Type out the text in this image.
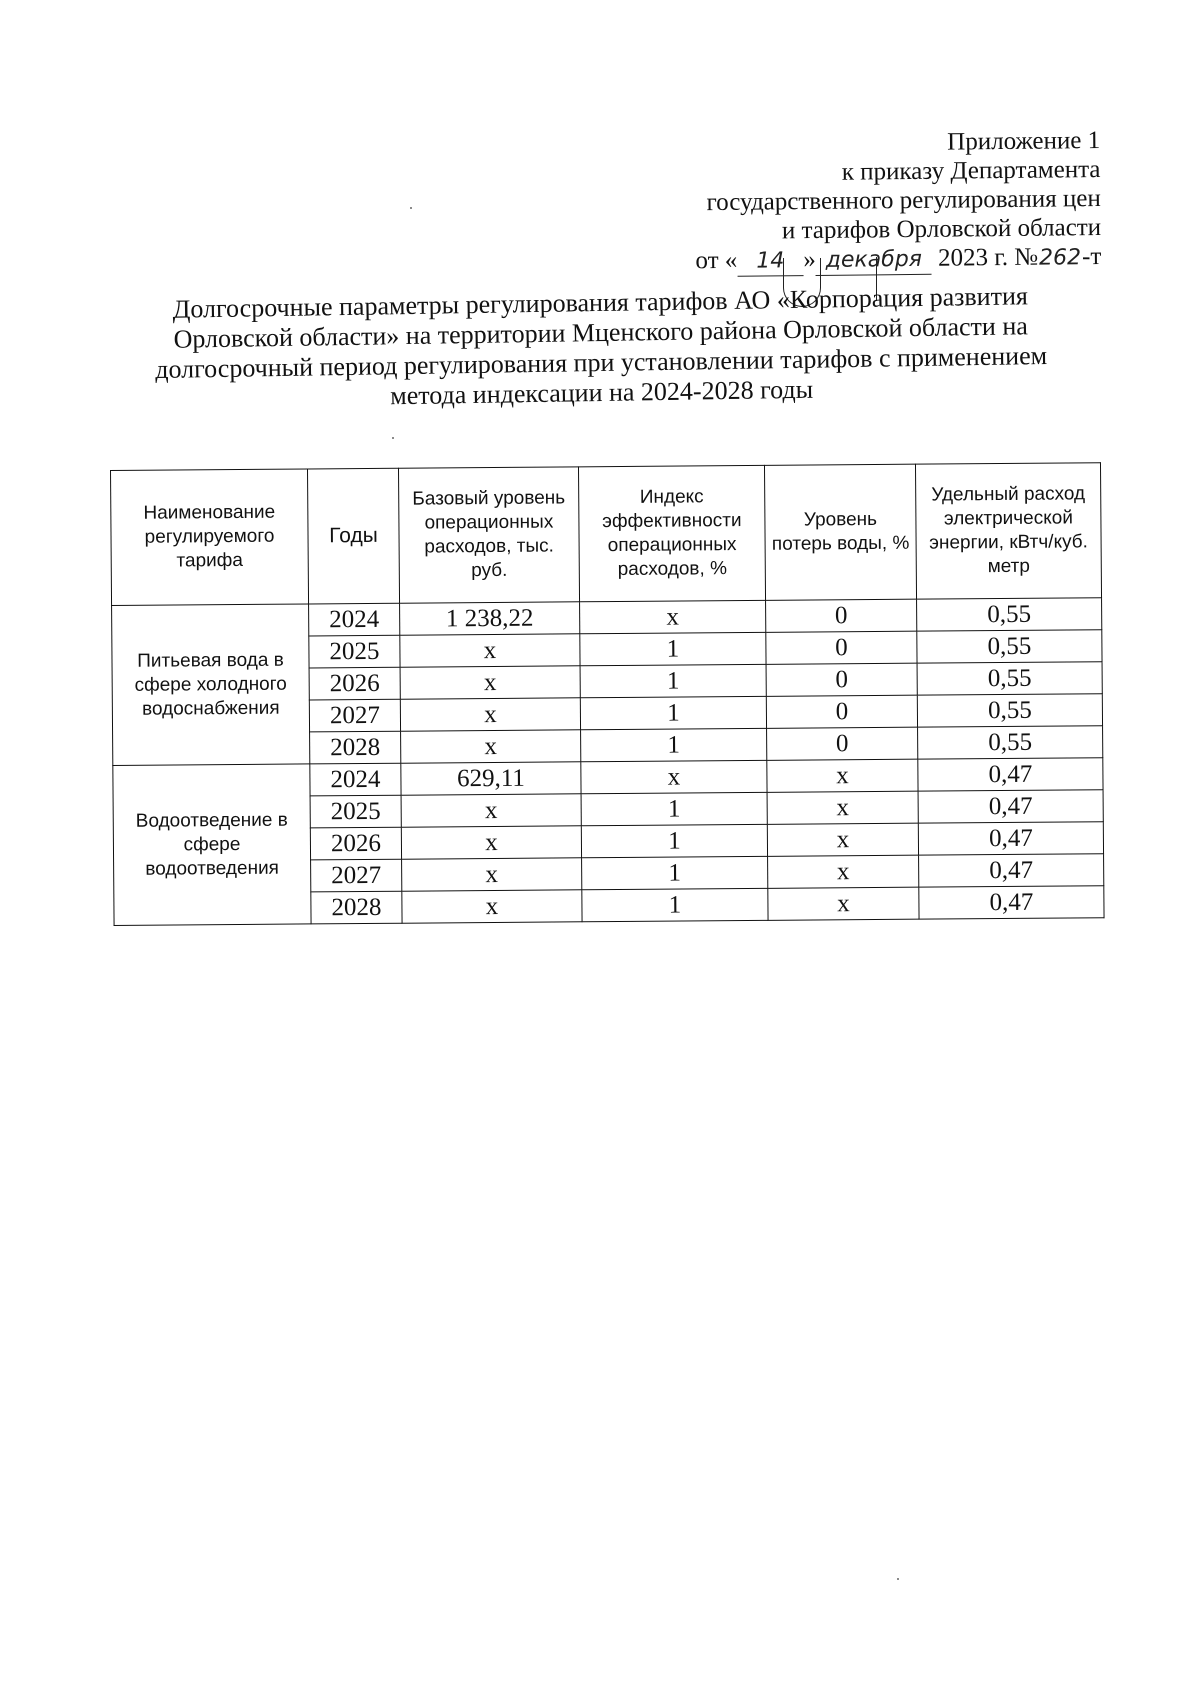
Приложение 1
к приказу Департамента
государственного регулирования цен
и тарифов Орловской области
от « 14 » декабря 2023 г. №262-т
Долгосрочные параметры регулирования тарифов АО «Корпорация развития
Орловской области» на территории Мценского района Орловской области на
долгосрочный период регулирования при установлении тарифов с применением
метода индексации на 2024-2028 годы
Наименование регулируемого тарифа	Годы	Базовый уровень операционных расходов, тыс. руб.	Индекс эффективности операционных расходов, %	Уровень потерь воды, %	Удельный расход электрической энергии, кВтч/куб. метр
Питьевая вода в сфере холодного водоснабжения	2024	1 238,22	х	0	0,55
	2025	х	1	0	0,55
	2026	х	1	0	0,55
	2027	х	1	0	0,55
	2028	х	1	0	0,55
Водоотведение в сфере водоотведения	2024	629,11	х	х	0,47
	2025	х	1	х	0,47
	2026	х	1	х	0,47
	2027	х	1	х	0,47
	2028	х	1	х	0,47
